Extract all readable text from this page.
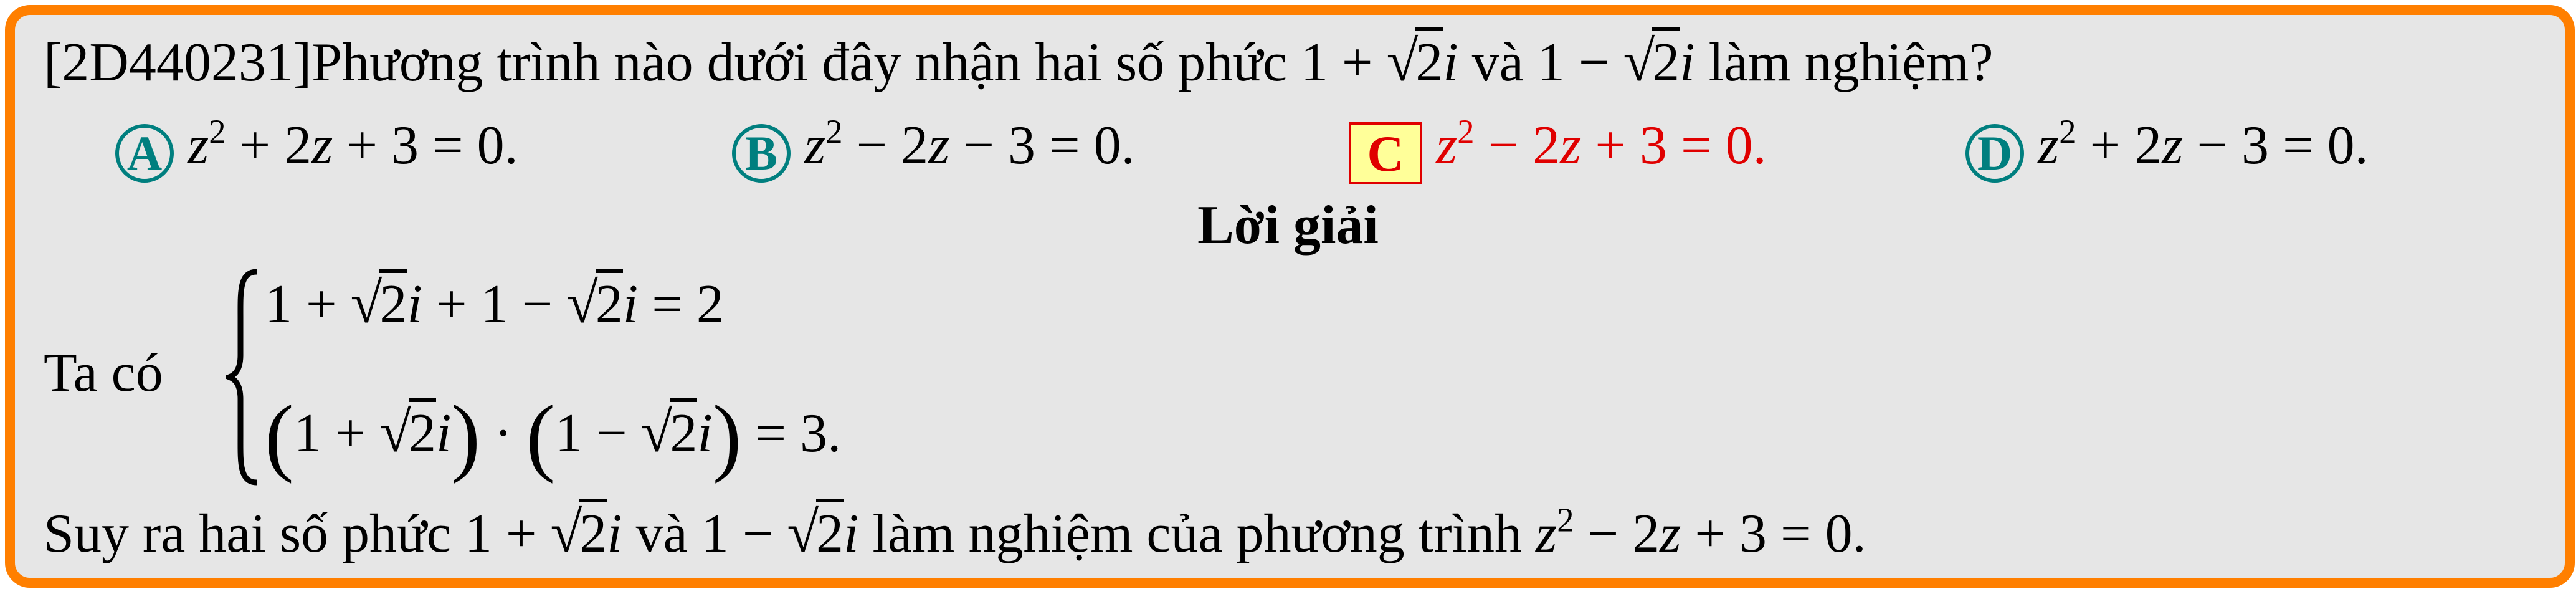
[2D440231]Phương trình nào dưới đây nhận hai số phức 1 + √2i và 1 − √2i làm nghiệm?
A $z^2 + 2z + 3 = 0$.	B $z^2 - 2z - 3 = 0$.	C $z^2 - 2z + 3 = 0$.	D $z^2 + 2z - 3 = 0$.
Lời giải
Ta có
1 + √2i + 1 − √2i = 2
(1 + √2i) · (1 − √2i) = 3.
Suy ra hai số phức 1 + √2i và 1 − √2i làm nghiệm của phương trình $z^2 - 2z + 3 = 0$.
